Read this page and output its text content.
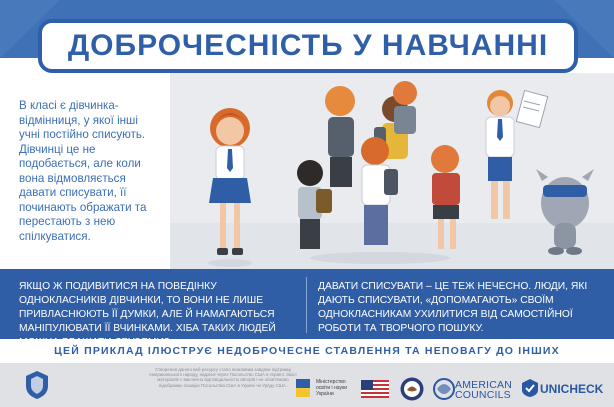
ДОБРОЧЕСНІСТЬ У НАВЧАННІ

В класі є дівчинка-відмінниця, у якої інші учні постійно списують. Дівчинці це не подобається, але коли вона відмовляється давати списувати, її починають ображати та перестають з нею спілкуватися.

ЯКЩО Ж ПОДИВИТИСЯ НА ПОВЕДІНКУ ОДНОКЛАСНИКІВ ДІВЧИНКИ, ТО ВОНИ НЕ ЛИШЕ ПРИВЛАСНЮЮТЬ ЇЇ ДУМКИ, АЛЕ Й НАМАГАЮТЬСЯ МАНІПУЛЮВАТИ ЇЇ ВЧИНКАМИ. ХІБА ТАКИХ ЛЮДЕЙ

ДАВАТИ СПИСУВАТИ – ЦЕ ТЕЖ НЕЧЕСНО. ЛЮДИ, ЯКІ ДАЮТЬ СПИСУВАТИ, «ДОПОМАГАЮТЬ» СВОЇМ ОДНОКЛАСНИКАМ УХИЛИТИСЯ ВІД САМОСТІЙНОЇ РОБОТИ ТА ТВОРЧОГО ПОШУКУ.

ЦЕЙ ПРИКЛАД ІЛЮСТРУЄ НЕДОБРОЧЕСНЕ СТАВЛЕННЯ ТА НЕПОВАГУ ДО ІНШИХ

Створення даного веб-ресурсу стало можливим завдяки підтримці Американського народу, наданої через Посольство США в Україні. Зміст матеріалів є виключно відповідальністю авторів і не обов'язково відображає позицію Посольства США в Україні чи Уряду США.

Міністерство
освіти і науки
України
AMERICAN
COUNCILS UNICHECK
